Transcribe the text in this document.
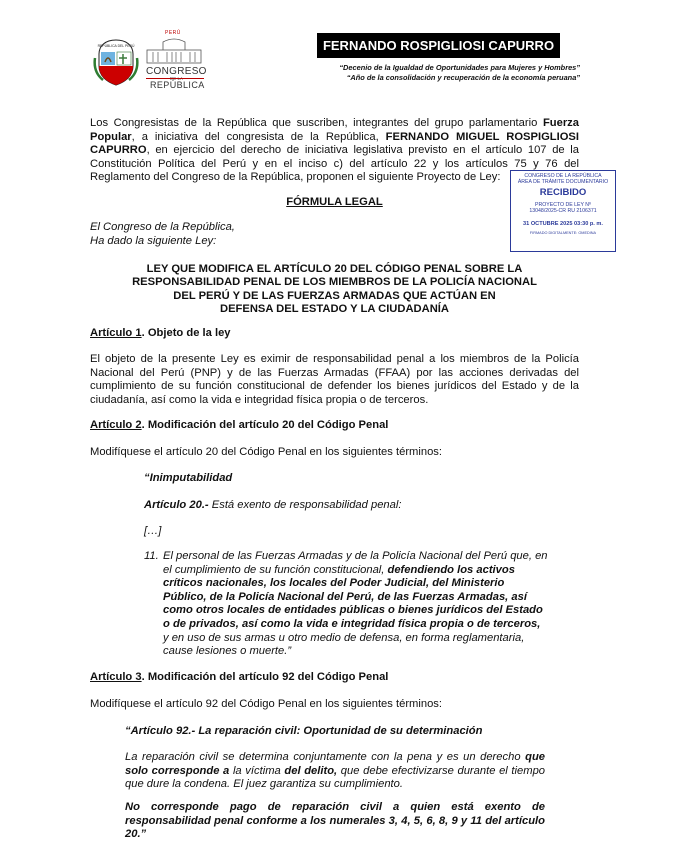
REPÚBLICA DEL PERÚ
PERÚ
CONGRESO
REPÚBLICA
FERNANDO ROSPIGLIOSI CAPURRO
“Decenio de la Igualdad de Oportunidades para Mujeres y Hombres”
“Año de la consolidación y recuperación de la economía peruana”
Los Congresistas de la República que suscriben, integrantes del grupo parlamentario Fuerza Popular, a iniciativa del congresista de la República, FERNANDO MIGUEL ROSPIGLIOSI CAPURRO, en ejercicio del derecho de iniciativa legislativa previsto en el artículo 107 de la Constitución Política del Perú y en el inciso c) del artículo 22 y los artículos 75 y 76 del Reglamento del Congreso de la República, proponen el siguiente Proyecto de Ley:	CONGRESO DE LA REPÚBLICA
ÁREA DE TRÁMITE DOCUMENTARIO
RECIBIDO
PROYECTO DE LEY Nº
13048/2025-CR RU 2106371
31 OCTUBRE 2025 03:30 p. m.
FIRMADO DIGITALMENTE: OMEDINA
FÓRMULA LEGAL
El Congreso de la República,
Ha dado la siguiente Ley:
LEY QUE MODIFICA EL ARTÍCULO 20 DEL CÓDIGO PENAL SOBRE LA
RESPONSABILIDAD PENAL DE LOS MIEMBROS DE LA POLICÍA NACIONAL
DEL PERÚ Y DE LAS FUERZAS ARMADAS QUE ACTÚAN EN
DEFENSA DEL ESTADO Y LA CIUDADANÍA
Artículo 1. Objeto de la ley
El objeto de la presente Ley es eximir de responsabilidad penal a los miembros de la Policía Nacional del Perú (PNP) y de las Fuerzas Armadas (FFAA) por las acciones derivadas del cumplimiento de su función constitucional de defender los bienes jurídicos del Estado y de la ciudadanía, así como la vida e integridad física propia o de terceros.
Artículo 2. Modificación del artículo 20 del Código Penal
Modifíquese el artículo 20 del Código Penal en los siguientes términos:
“Inimputabilidad
Artículo 20.- Está exento de responsabilidad penal:
[…]
11. El personal de las Fuerzas Armadas y de la Policía Nacional del Perú que, en el cumplimiento de su función constitucional, defendiendo los activos críticos nacionales, los locales del Poder Judicial, del Ministerio Público, de la Policía Nacional del Perú, de las Fuerzas Armadas, así como otros locales de entidades públicas o bienes jurídicos del Estado o de privados, así como la vida e integridad física propia o de terceros, y en uso de sus armas u otro medio de defensa, en forma reglamentaria, cause lesiones o muerte.”
Artículo 3. Modificación del artículo 92 del Código Penal
Modifíquese el artículo 92 del Código Penal en los siguientes términos:
“Artículo 92.- La reparación civil: Oportunidad de su determinación
La reparación civil se determina conjuntamente con la pena y es un derecho que solo corresponde a la víctima del delito, que debe efectivizarse durante el tiempo que dure la condena. El juez garantiza su cumplimiento.
No corresponde pago de reparación civil a quien está exento de responsabilidad penal conforme a los numerales 3, 4, 5, 6, 8, 9 y 11 del artículo 20.”
